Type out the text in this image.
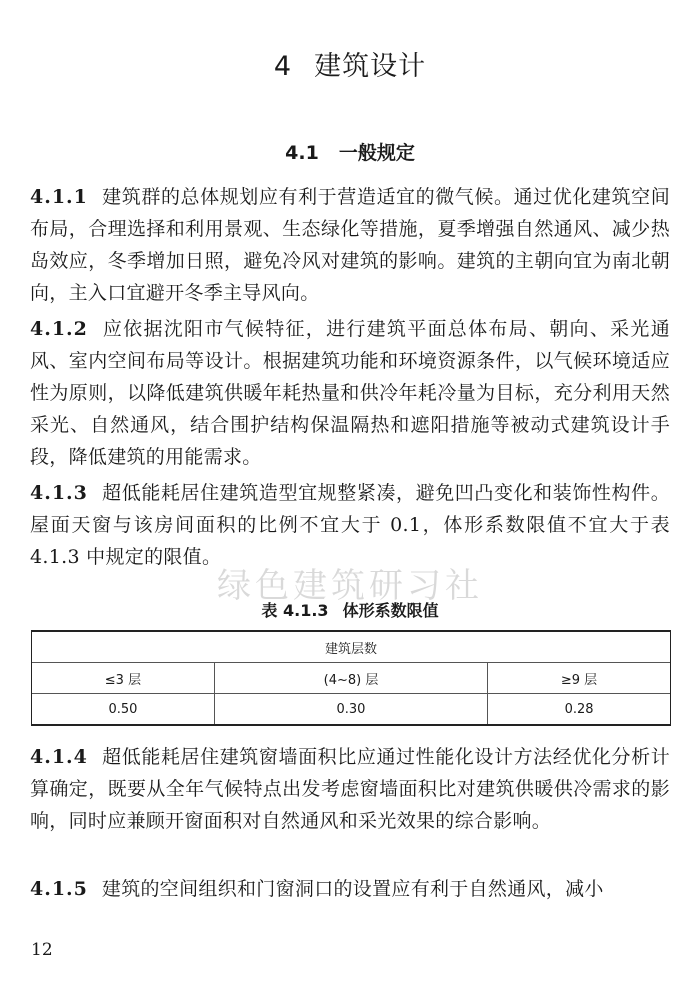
4 建筑设计
4.1 一般规定
4.1.1 建筑群的总体规划应有利于营造适宜的微气候。通过优化建筑空间布局，合理选择和利用景观、生态绿化等措施，夏季增强自然通风、减少热岛效应，冬季增加日照，避免冷风对建筑的影响。建筑的主朝向宜为南北朝向，主入口宜避开冬季主导风向。
4.1.2 应依据沈阳市气候特征，进行建筑平面总体布局、朝向、采光通风、室内空间布局等设计。根据建筑功能和环境资源条件，以气候环境适应性为原则，以降低建筑供暖年耗热量和供冷年耗冷量为目标，充分利用天然采光、自然通风，结合围护结构保温隔热和遮阳措施等被动式建筑设计手段，降低建筑的用能需求。
4.1.3 超低能耗居住建筑造型宜规整紧凑，避免凹凸变化和装饰性构件。屋面天窗与该房间面积的比例不宜大于 0.1，体形系数限值不宜大于表 4.1.3 中规定的限值。
绿色建筑研习社
表 4.1.3 体形系数限值
建筑层数		
≤3 层	(4~8) 层	≥9 层
0.50	0.30	0.28
4.1.4 超低能耗居住建筑窗墙面积比应通过性能化设计方法经优化分析计算确定，既要从全年气候特点出发考虑窗墙面积比对建筑供暖供冷需求的影响，同时应兼顾开窗面积对自然通风和采光效果的综合影响。
4.1.5 建筑的空间组织和门窗洞口的设置应有利于自然通风，减小
12
